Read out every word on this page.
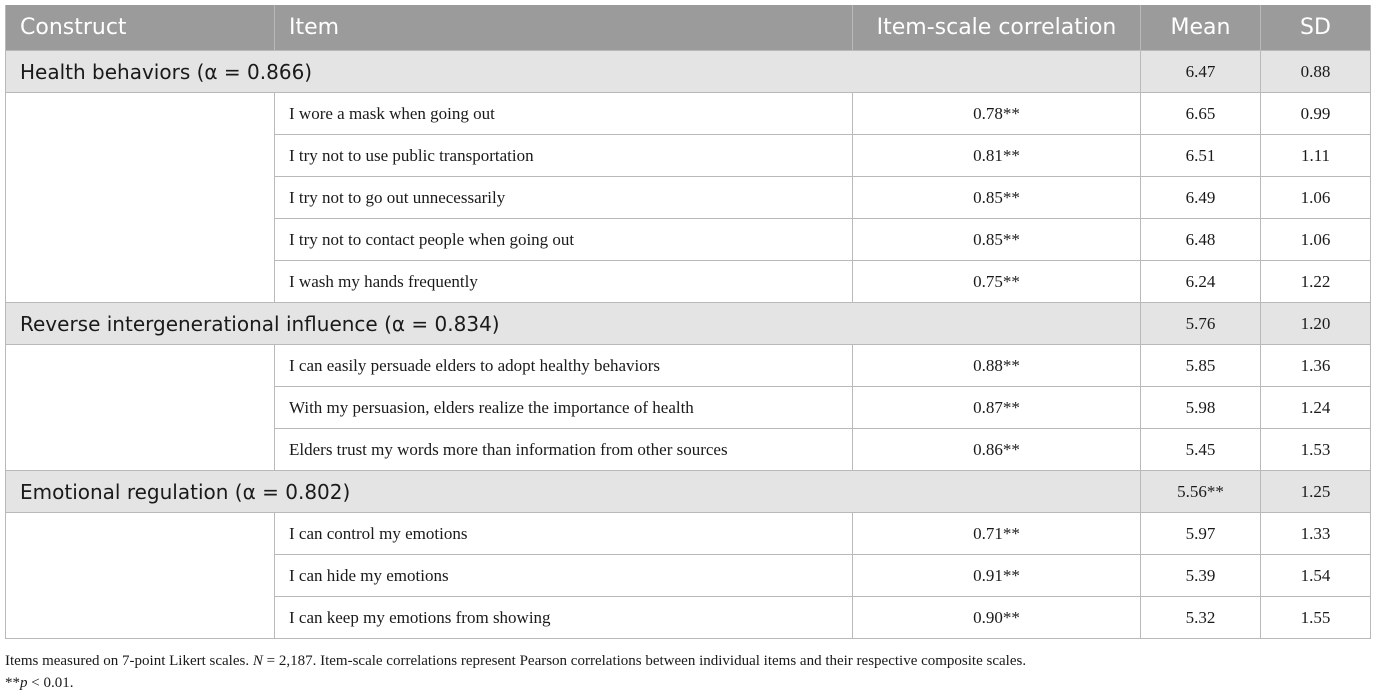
Construct	Item	Item-scale correlation	Mean	SD
Health behaviors (α = 0.866)			6.47	0.88
	I wore a mask when going out	0.78**	6.65	0.99
	I try not to use public transportation	0.81**	6.51	1.11
	I try not to go out unnecessarily	0.85**	6.49	1.06
	I try not to contact people when going out	0.85**	6.48	1.06
	I wash my hands frequently	0.75**	6.24	1.22
Reverse intergenerational influence (α = 0.834)			5.76	1.20
	I can easily persuade elders to adopt healthy behaviors	0.88**	5.85	1.36
	With my persuasion, elders realize the importance of health	0.87**	5.98	1.24
	Elders trust my words more than information from other sources	0.86**	5.45	1.53
Emotional regulation (α = 0.802)			5.56**	1.25
	I can control my emotions	0.71**	5.97	1.33
	I can hide my emotions	0.91**	5.39	1.54
	I can keep my emotions from showing	0.90**	5.32	1.55
Items measured on 7-point Likert scales. N = 2,187. Item-scale correlations represent Pearson correlations between individual items and their respective composite scales.
**p < 0.01.
